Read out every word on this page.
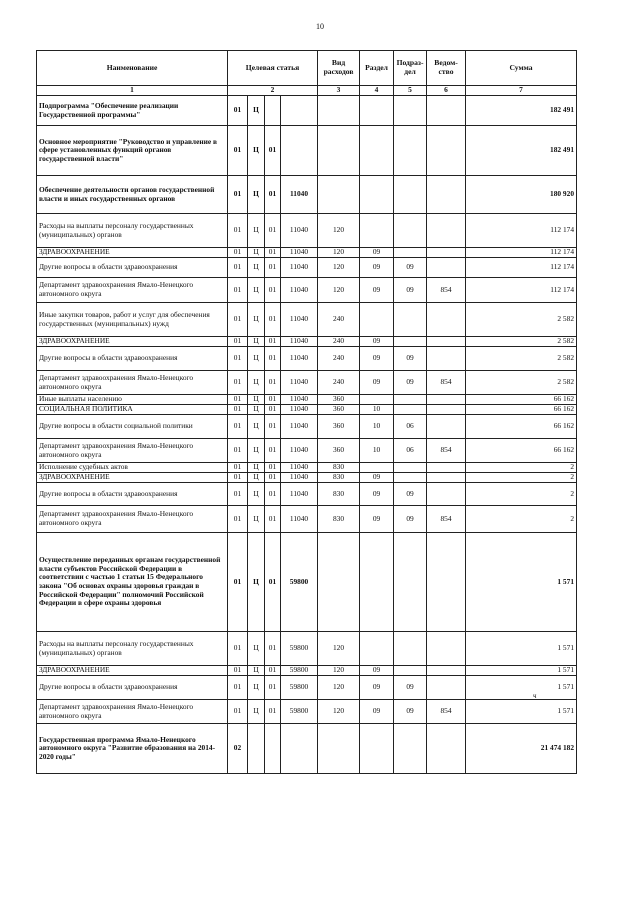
10
Наименование	Целевая статья				Вид расходов	Раздел	Подраз-дел	Ведом-ство	Сумма
1	2				3	4	5	6	7
Подпрограмма "Обеспечение реализации Государственной программы"	01	Ц							182 491
Основное мероприятие "Руководство и управление в сфере установленных функций органов государственной власти"	01	Ц	01						182 491
Обеспечение деятельности органов государственной власти и иных государственных органов	01	Ц	01	11040					180 920
Расходы на выплаты персоналу государственных (муниципальных) органов	01	Ц	01	11040	120				112 174
ЗДРАВООХРАНЕНИЕ	01	Ц	01	11040	120	09			112 174
Другие вопросы в области здравоохранения	01	Ц	01	11040	120	09	09		112 174
Департамент здравоохранения Ямало-Ненецкого автономного округа	01	Ц	01	11040	120	09	09	854	112 174
Иные закупки товаров, работ и услуг для обеспечения государственных (муниципальных) нужд	01	Ц	01	11040	240				2 582
ЗДРАВООХРАНЕНИЕ	01	Ц	01	11040	240	09			2 582
Другие вопросы в области здравоохранения	01	Ц	01	11040	240	09	09		2 582
Департамент здравоохранения Ямало-Ненецкого автономного округа	01	Ц	01	11040	240	09	09	854	2 582
Иные выплаты населению	01	Ц	01	11040	360				66 162
СОЦИАЛЬНАЯ ПОЛИТИКА	01	Ц	01	11040	360	10			66 162
Другие вопросы в области социальной политики	01	Ц	01	11040	360	10	06		66 162
Департамент здравоохранения Ямало-Ненецкого автономного округа	01	Ц	01	11040	360	10	06	854	66 162
Исполнение судебных актов	01	Ц	01	11040	830				2
ЗДРАВООХРАНЕНИЕ	01	Ц	01	11040	830	09			2
Другие вопросы в области здравоохранения	01	Ц	01	11040	830	09	09		2
Департамент здравоохранения Ямало-Ненецкого автономного округа	01	Ц	01	11040	830	09	09	854	2
Осуществление переданных органам государственной власти субъектов Российской Федерации в соответствии с частью 1 статьи 15 Федерального закона "Об основах охраны здоровья граждан в Российской Федерации" полномочий Российской Федерации в сфере охраны здоровья	01	Ц	01	59800					1 571
Расходы на выплаты персоналу государственных (муниципальных) органов	01	Ц	01	59800	120				1 571
ЗДРАВООХРАНЕНИЕ	01	Ц	01	59800	120	09			1 571
Другие вопросы в области здравоохранения	01	Ц	01	59800	120	09	09		1 571
Департамент здравоохранения Ямало-Ненецкого автономного округа	01	Ц	01	59800	120	09	09	854	1 571
Государственная программа Ямало-Ненецкого автономного округа "Развитие образования на 2014-2020 годы"	02								21 474 182
ч
